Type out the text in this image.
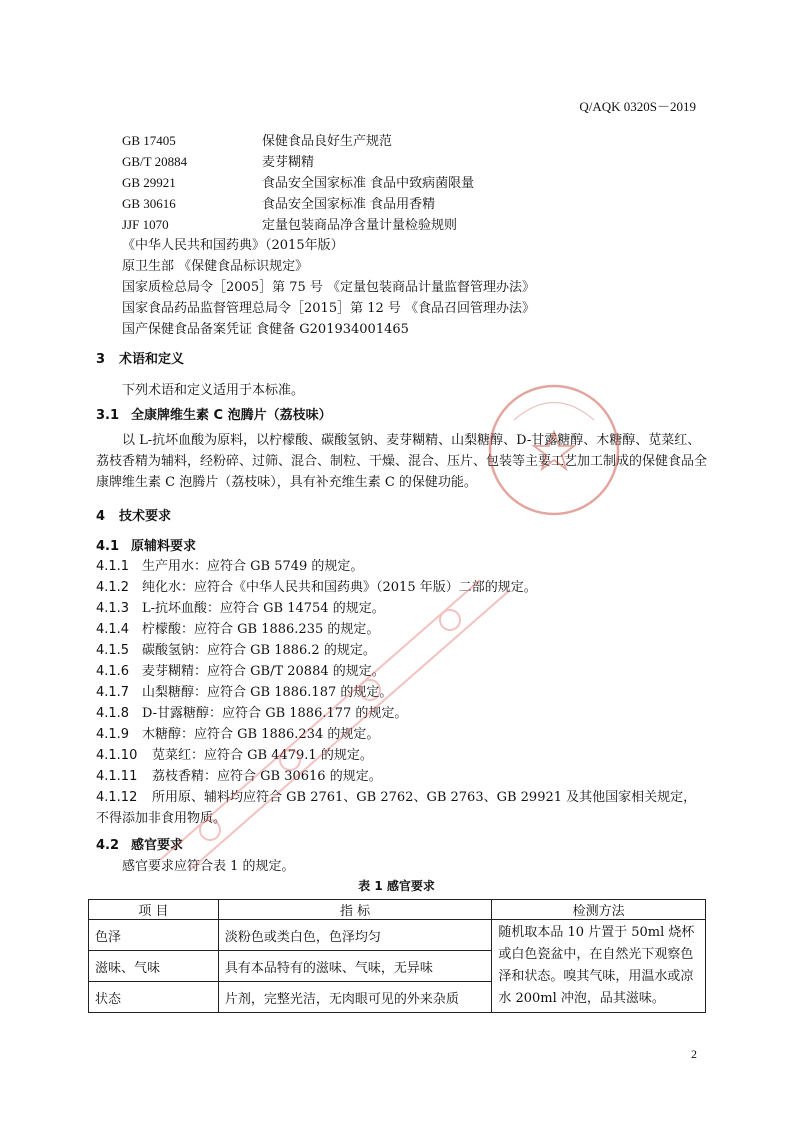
Q/AQK 0320S－2019
GB 17405	保健食品良好生产规范
GB/T 20884	麦芽糊精
GB 29921	食品安全国家标准 食品中致病菌限量
GB 30616	食品安全国家标准 食品用香精
JJF 1070	定量包装商品净含量计量检验规则
《中华人民共和国药典》（2015年版）
原卫生部 《保健食品标识规定》
国家质检总局令［2005］第 75 号 《定量包装商品计量监督管理办法》
国家食品药品监督管理总局令［2015］第 12 号 《食品召回管理办法》
国产保健食品备案凭证 食健备 G201934001465
3 术语和定义
下列术语和定义适用于本标准。
3.1 全康牌维生素 C 泡腾片（荔枝味）
以 L-抗坏血酸为原料，以柠檬酸、碳酸氢钠、麦芽糊精、山梨糖醇、D-甘露糖醇、木糖醇、苋菜红、荔枝香精为辅料，经粉碎、过筛、混合、制粒、干燥、混合、压片、包装等主要工艺加工制成的保健食品全康牌维生素 C 泡腾片（荔枝味），具有补充维生素 C 的保健功能。
4 技术要求
4.1 原辅料要求
4.1.1 生产用水：应符合 GB 5749 的规定。
4.1.2 纯化水：应符合《中华人民共和国药典》（2015 年版）二部的规定。
4.1.3 L-抗坏血酸：应符合 GB 14754 的规定。
4.1.4 柠檬酸：应符合 GB 1886.235 的规定。
4.1.5 碳酸氢钠：应符合 GB 1886.2 的规定。
4.1.6 麦芽糊精：应符合 GB/T 20884 的规定。
4.1.7 山梨糖醇：应符合 GB 1886.187 的规定。
4.1.8 D-甘露糖醇：应符合 GB 1886.177 的规定。
4.1.9 木糖醇：应符合 GB 1886.234 的规定。
4.1.10 苋菜红：应符合 GB 4479.1 的规定。
4.1.11 荔枝香精：应符合 GB 30616 的规定。
4.1.12 所用原、辅料均应符合 GB 2761、GB 2762、GB 2763、GB 29921 及其他国家相关规定，
不得添加非食用物质。
4.2 感官要求
感官要求应符合表 1 的规定。
表 1 感官要求
项 目	指 标	检测方法
色泽	淡粉色或类白色，色泽均匀	随机取本品 10 片置于 50ml 烧杯或白色瓷盆中，在自然光下观察色泽和状态。嗅其气味，用温水或凉水 200ml 冲泡，品其滋味。
滋味、气味	具有本品特有的滋味、气味，无异味	
状态	片剂，完整光洁，无肉眼可见的外来杂质	
2
